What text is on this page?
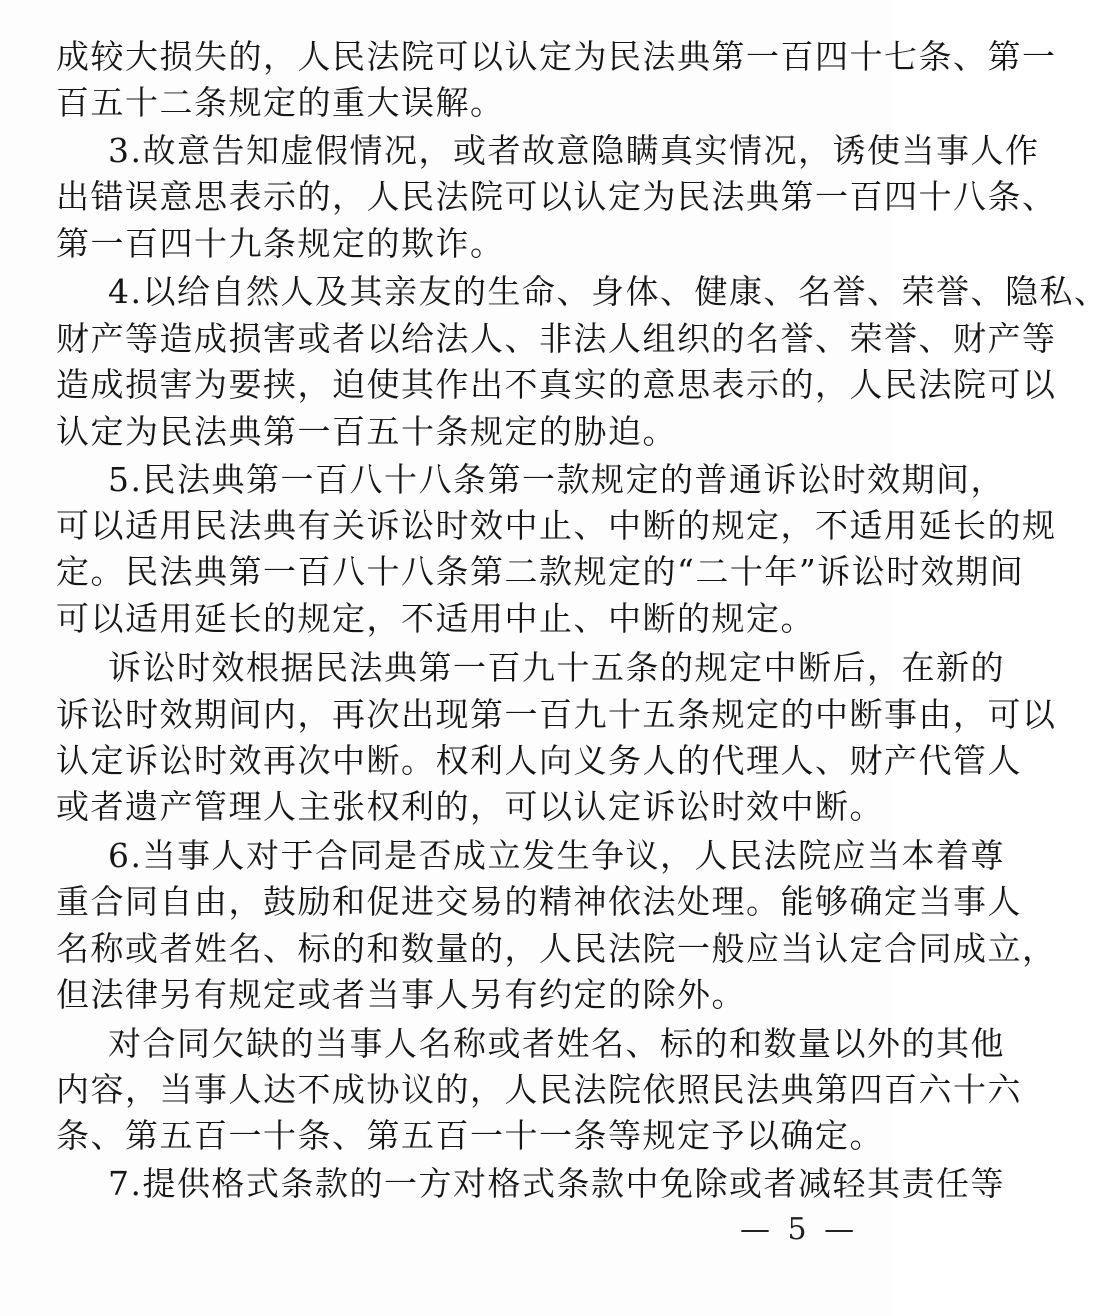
成较大损失的，人民法院可以认定为民法典第一百四十七条、第一
百五十二条规定的重大误解。
3.故意告知虚假情况，或者故意隐瞒真实情况，诱使当事人作
出错误意思表示的，人民法院可以认定为民法典第一百四十八条、
第一百四十九条规定的欺诈。
4.以给自然人及其亲友的生命、身体、健康、名誉、荣誉、隐私、
财产等造成损害或者以给法人、非法人组织的名誉、荣誉、财产等
造成损害为要挟，迫使其作出不真实的意思表示的，人民法院可以
认定为民法典第一百五十条规定的胁迫。
5.民法典第一百八十八条第一款规定的普通诉讼时效期间，
可以适用民法典有关诉讼时效中止、中断的规定，不适用延长的规
定。民法典第一百八十八条第二款规定的“二十年”诉讼时效期间
可以适用延长的规定，不适用中止、中断的规定。
诉讼时效根据民法典第一百九十五条的规定中断后，在新的
诉讼时效期间内，再次出现第一百九十五条规定的中断事由，可以
认定诉讼时效再次中断。权利人向义务人的代理人、财产代管人
或者遗产管理人主张权利的，可以认定诉讼时效中断。
6.当事人对于合同是否成立发生争议，人民法院应当本着尊
重合同自由，鼓励和促进交易的精神依法处理。能够确定当事人
名称或者姓名、标的和数量的，人民法院一般应当认定合同成立，
但法律另有规定或者当事人另有约定的除外。
对合同欠缺的当事人名称或者姓名、标的和数量以外的其他
内容，当事人达不成协议的，人民法院依照民法典第四百六十六
条、第五百一十条、第五百一十一条等规定予以确定。
7.提供格式条款的一方对格式条款中免除或者减轻其责任等
— 5 —
